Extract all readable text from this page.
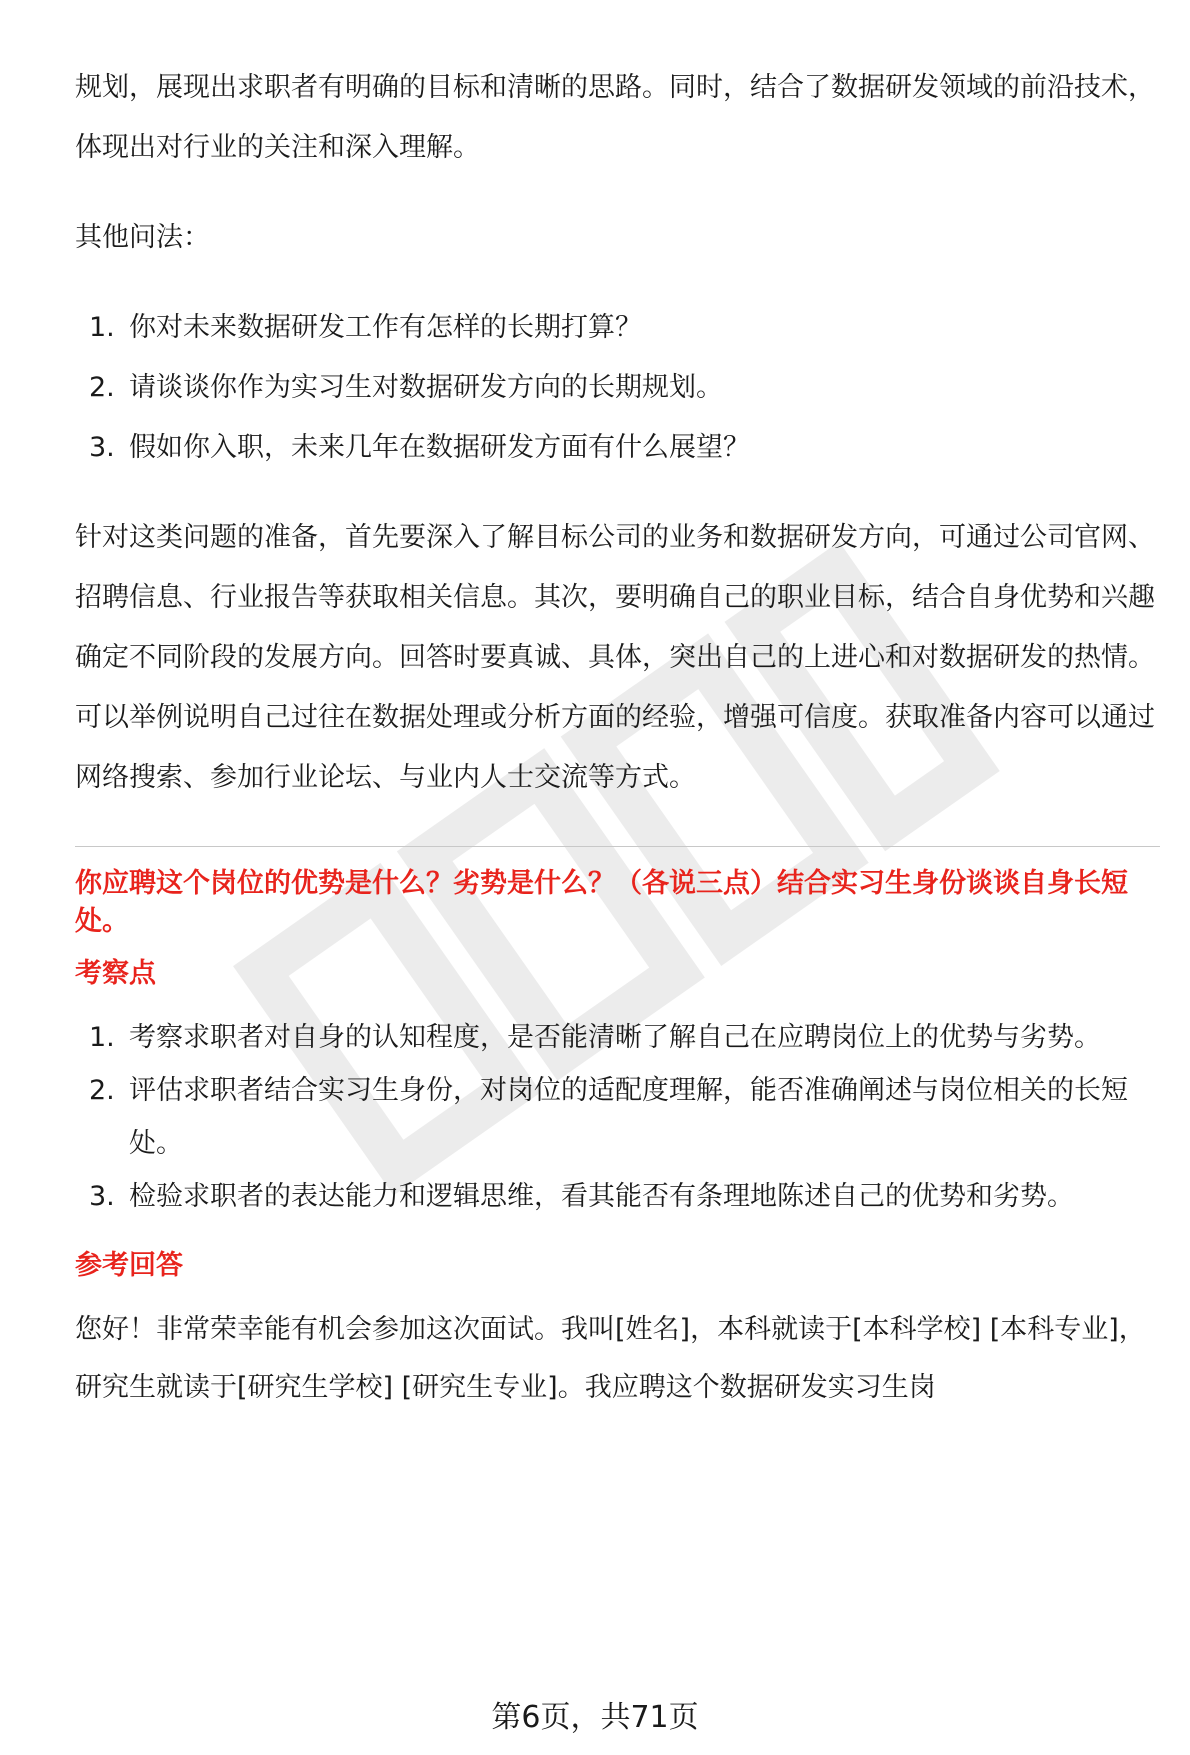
规划，展现出求职者有明确的目标和清晰的思路。同时，结合了数据研发领域的前沿技术，体现出对行业的关注和深入理解。

其他问法：

1. 你对未来数据研发工作有怎样的长期打算？
2. 请谈谈你作为实习生对数据研发方向的长期规划。
3. 假如你入职，未来几年在数据研发方面有什么展望？

针对这类问题的准备，首先要深入了解目标公司的业务和数据研发方向，可通过公司官网、招聘信息、行业报告等获取相关信息。其次，要明确自己的职业目标，结合自身优势和兴趣确定不同阶段的发展方向。回答时要真诚、具体，突出自己的上进心和对数据研发的热情。可以举例说明自己过往在数据处理或分析方面的经验，增强可信度。获取准备内容可以通过网络搜索、参加行业论坛、与业内人士交流等方式。

你应聘这个岗位的优势是什么？劣势是什么？（各说三点）结合实习生身份谈谈自身长短处。

考察点

1. 考察求职者对自身的认知程度，是否能清晰了解自己在应聘岗位上的优势与劣势。
2. 评估求职者结合实习生身份，对岗位的适配度理解，能否准确阐述与岗位相关的长短处。
3. 检验求职者的表达能力和逻辑思维，看其能否有条理地陈述自己的优势和劣势。

参考回答

您好！非常荣幸能有机会参加这次面试。我叫[姓名]，本科就读于[本科学校] [本科专业]，研究生就读于[研究生学校] [研究生专业]。我应聘这个数据研发实习生岗

第6页，共71页
